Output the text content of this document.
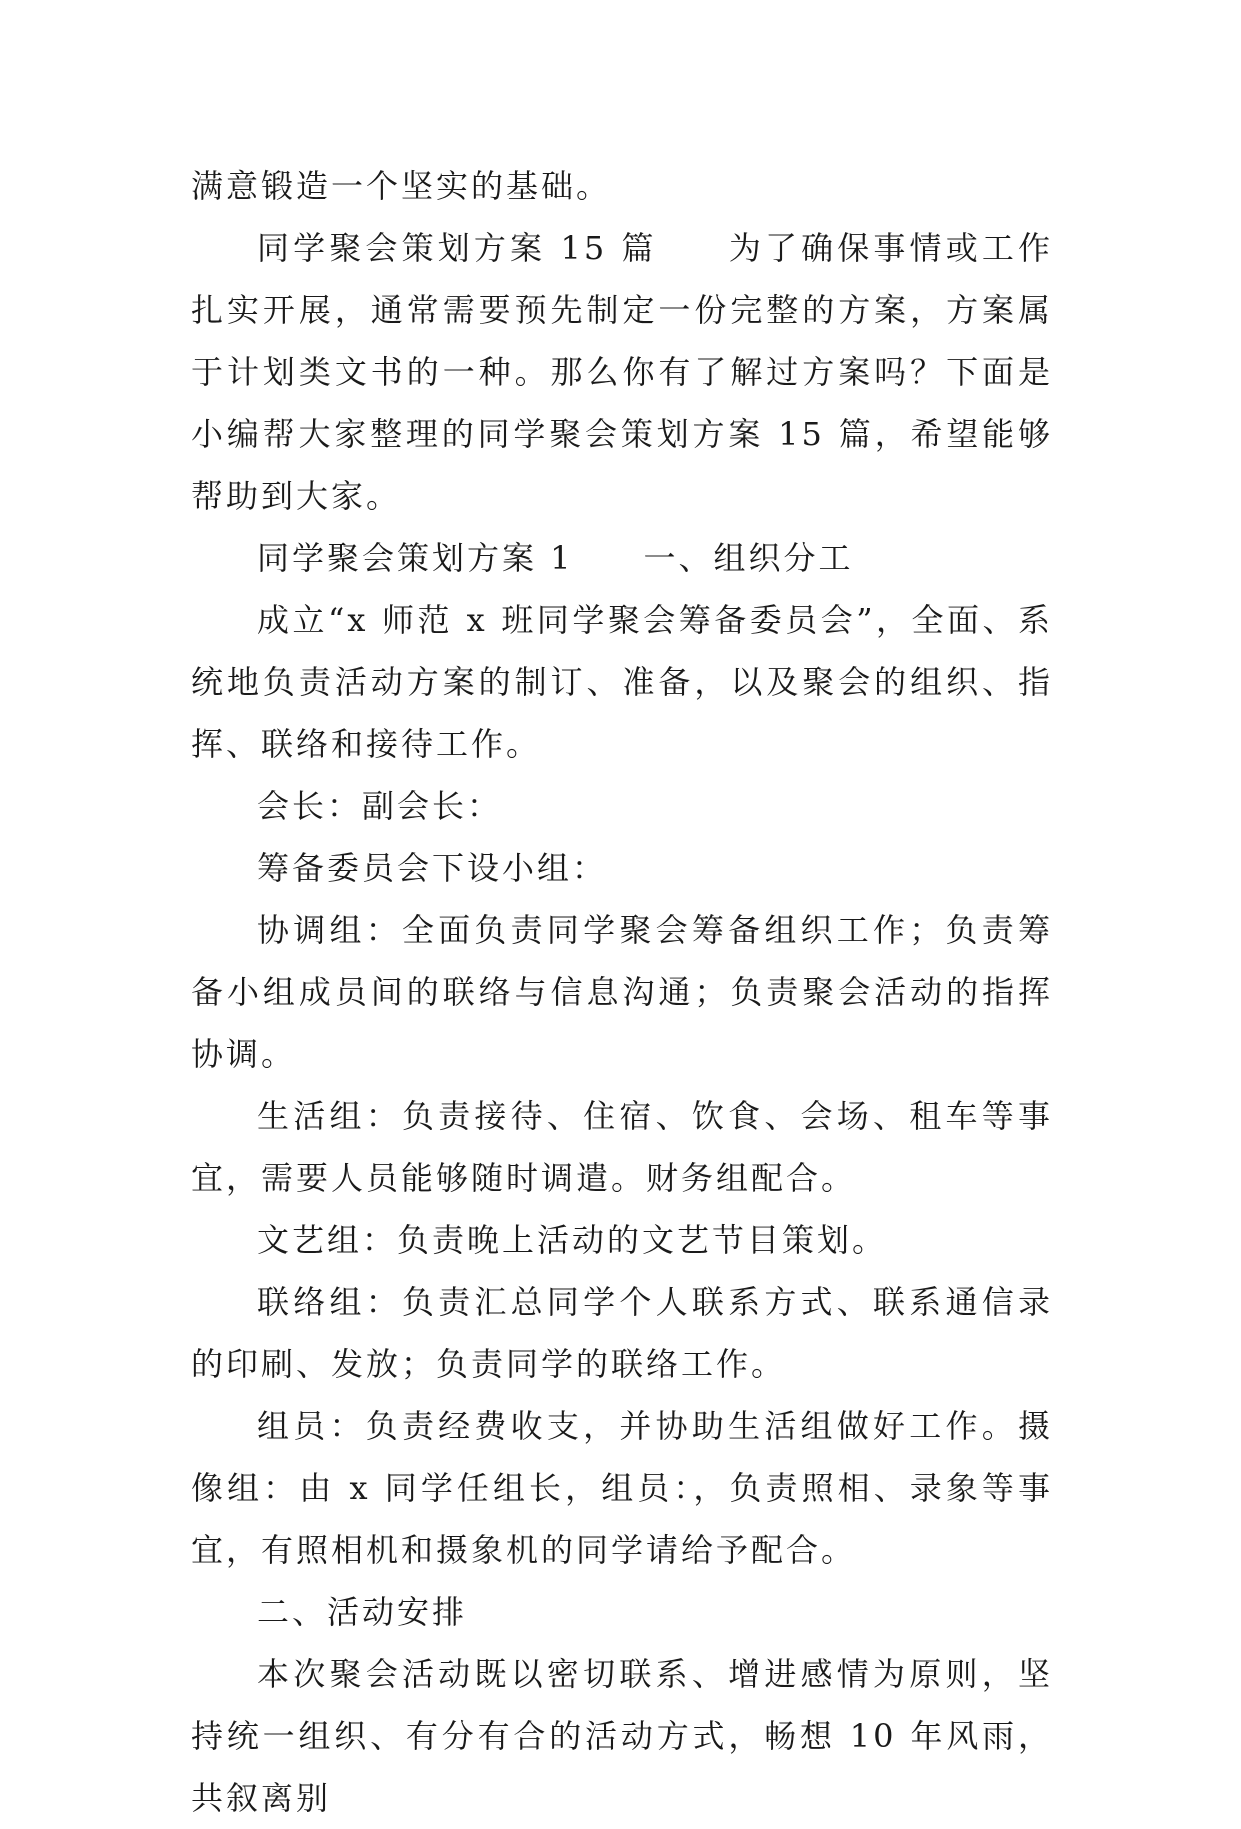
满意锻造一个坚实的基础。

同学聚会策划方案 15 篇 为了确保事情或工作扎实开展，通常需要预先制定一份完整的方案，方案属于计划类文书的一种。那么你有了解过方案吗？下面是小编帮大家整理的同学聚会策划方案 15 篇，希望能够帮助到大家。

同学聚会策划方案 1 一、组织分工

成立“x 师范 x 班同学聚会筹备委员会”，全面、系统地负责活动方案的制订、准备，以及聚会的组织、指挥、联络和接待工作。

会长：副会长：

筹备委员会下设小组：

协调组：全面负责同学聚会筹备组织工作；负责筹备小组成员间的联络与信息沟通；负责聚会活动的指挥协调。

生活组：负责接待、住宿、饮食、会场、租车等事宜，需要人员能够随时调遣。财务组配合。

文艺组：负责晚上活动的文艺节目策划。

联络组：负责汇总同学个人联系方式、联系通信录的印刷、发放；负责同学的联络工作。

组员：负责经费收支，并协助生活组做好工作。摄像组：由 x 同学任组长，组员：，负责照相、录象等事宜，有照相机和摄象机的同学请给予配合。

二、活动安排

本次聚会活动既以密切联系、增进感情为原则，坚持统一组织、有分有合的活动方式，畅想 10 年风雨，共叙离别
